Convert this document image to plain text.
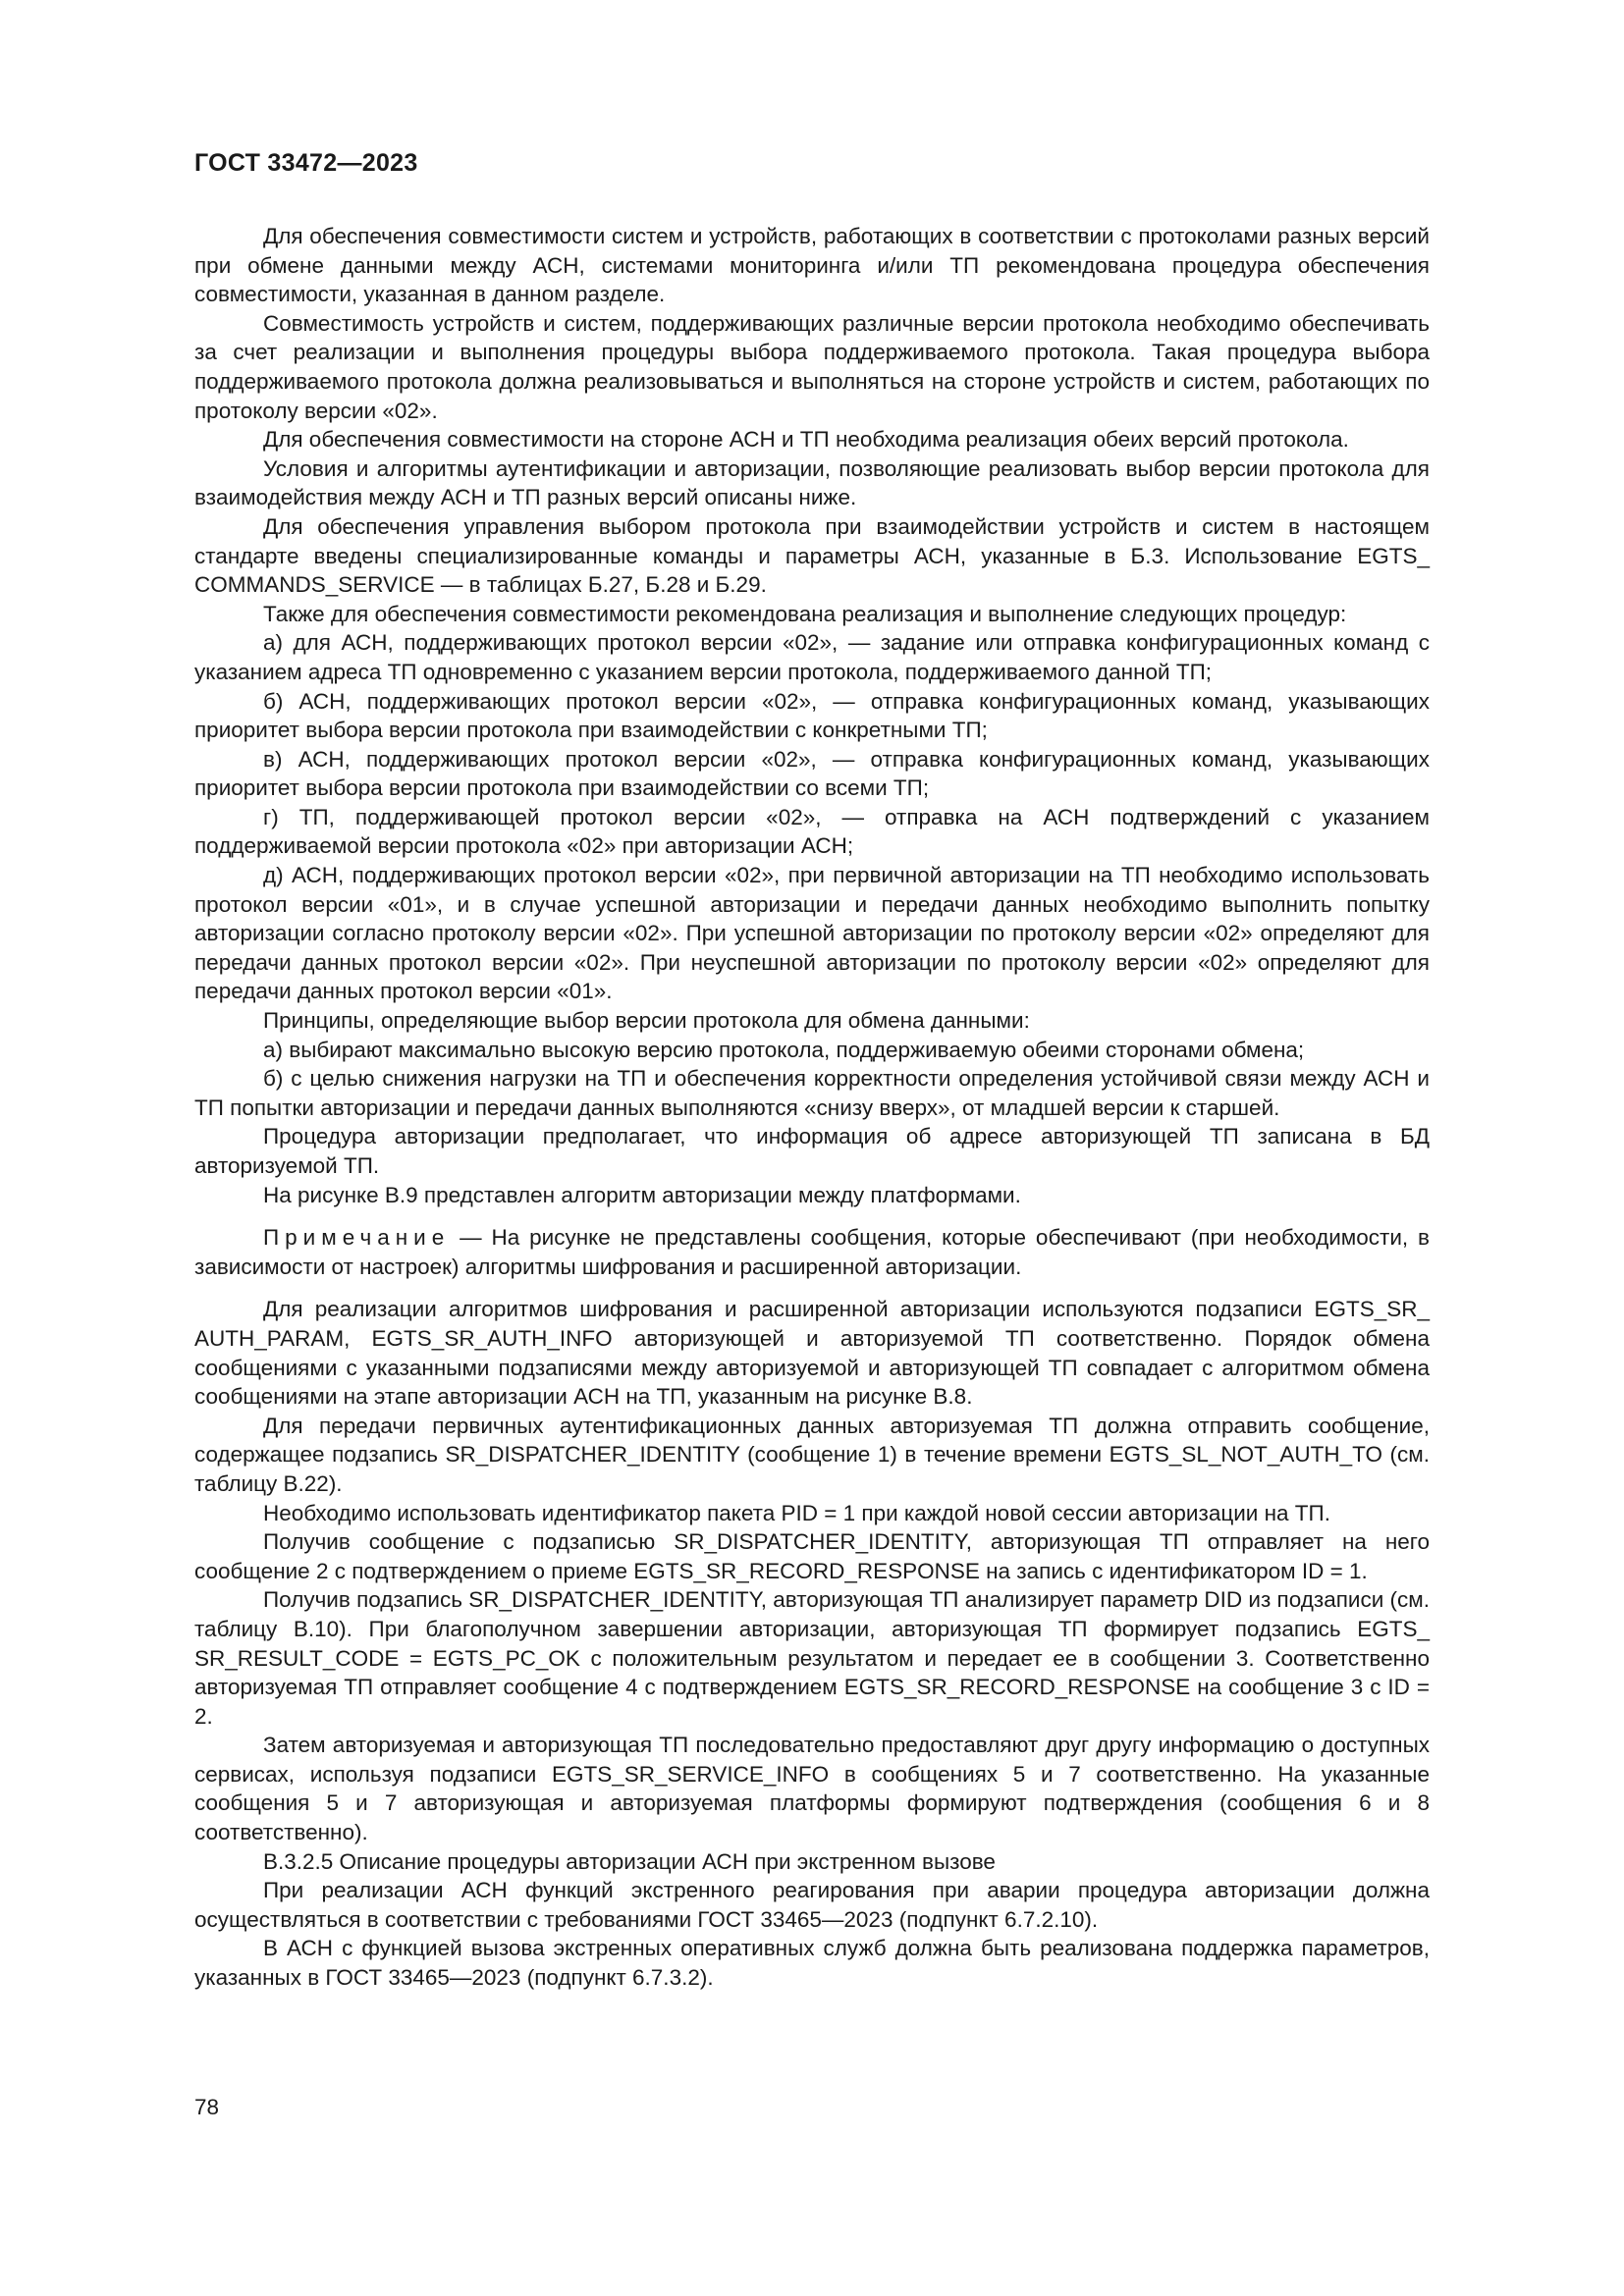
ГОСТ 33472—2023

Для обеспечения совместимости систем и устройств, работающих в соответствии с протоколами разных версий при обмене данными между АСН, системами мониторинга и/или ТП рекомендована процедура обеспечения совместимости, указанная в данном разделе.

Совместимость устройств и систем, поддерживающих различные версии протокола необходимо обеспечивать за счет реализации и выполнения процедуры выбора поддерживаемого протокола. Такая процедура выбора поддерживаемого протокола должна реализовываться и выполняться на стороне устройств и систем, работающих по протоколу версии «02».

Для обеспечения совместимости на стороне АСН и ТП необходима реализация обеих версий протокола.

Условия и алгоритмы аутентификации и авторизации, позволяющие реализовать выбор версии протокола для взаимодействия между АСН и ТП разных версий описаны ниже.

Для обеспечения управления выбором протокола при взаимодействии устройств и систем в настоящем стандарте введены специализированные команды и параметры АСН, указанные в Б.3. Использование EGTS_ COMMANDS_SERVICE — в таблицах Б.27, Б.28 и Б.29.

Также для обеспечения совместимости рекомендована реализация и выполнение следующих процедур:

а) для АСН, поддерживающих протокол версии «02», — задание или отправка конфигурационных команд с указанием адреса ТП одновременно с указанием версии протокола, поддерживаемого данной ТП;

б) АСН, поддерживающих протокол версии «02», — отправка конфигурационных команд, указывающих приоритет выбора версии протокола при взаимодействии с конкретными ТП;

в) АСН, поддерживающих протокол версии «02», — отправка конфигурационных команд, указывающих приоритет выбора версии протокола при взаимодействии со всеми ТП;

г) ТП, поддерживающей протокол версии «02», — отправка на АСН подтверждений с указанием поддерживаемой версии протокола «02» при авторизации АСН;

д) АСН, поддерживающих протокол версии «02», при первичной авторизации на ТП необходимо использовать протокол версии «01», и в случае успешной авторизации и передачи данных необходимо выполнить попытку авторизации согласно протоколу версии «02». При успешной авторизации по протоколу версии «02» определяют для передачи данных протокол версии «02». При неуспешной авторизации по протоколу версии «02» определяют для передачи данных протокол версии «01».

Принципы, определяющие выбор версии протокола для обмена данными:

а) выбирают максимально высокую версию протокола, поддерживаемую обеими сторонами обмена;

б) с целью снижения нагрузки на ТП и обеспечения корректности определения устойчивой связи между АСН и ТП попытки авторизации и передачи данных выполняются «снизу вверх», от младшей версии к старшей.

Процедура авторизации предполагает, что информация об адресе авторизующей ТП записана в БД авторизуемой ТП.

На рисунке В.9 представлен алгоритм авторизации между платформами.

Примечание — На рисунке не представлены сообщения, которые обеспечивают (при необходимости, в зависимости от настроек) алгоритмы шифрования и расширенной авторизации.

Для реализации алгоритмов шифрования и расширенной авторизации используются подзаписи EGTS_SR_ AUTH_PARAM, EGTS_SR_AUTH_INFO авторизующей и авторизуемой ТП соответственно. Порядок обмена сообщениями с указанными подзаписями между авторизуемой и авторизующей ТП совпадает с алгоритмом обмена сообщениями на этапе авторизации АСН на ТП, указанным на рисунке В.8.

Для передачи первичных аутентификационных данных авторизуемая ТП должна отправить сообщение, содержащее подзапись SR_DISPATCHER_IDENTITY (сообщение 1) в течение времени EGTS_SL_NOT_AUTH_TO (см. таблицу В.22).

Необходимо использовать идентификатор пакета PID = 1 при каждой новой сессии авторизации на ТП.

Получив сообщение с подзаписью SR_DISPATCHER_IDENTITY, авторизующая ТП отправляет на него сообщение 2 с подтверждением о приеме EGTS_SR_RECORD_RESPONSE на запись с идентификатором ID = 1.

Получив подзапись SR_DISPATCHER_IDENTITY, авторизующая ТП анализирует параметр DID из подзаписи (см. таблицу В.10). При благополучном завершении авторизации, авторизующая ТП формирует подзапись EGTS_ SR_RESULT_CODE = EGTS_PC_OK с положительным результатом и передает ее в сообщении 3. Соответственно авторизуемая ТП отправляет сообщение 4 с подтверждением EGTS_SR_RECORD_RESPONSE на сообщение 3 с ID = 2.

Затем авторизуемая и авторизующая ТП последовательно предоставляют друг другу информацию о доступных сервисах, используя подзаписи EGTS_SR_SERVICE_INFO в сообщениях 5 и 7 соответственно. На указанные сообщения 5 и 7 авторизующая и авторизуемая платформы формируют подтверждения (сообщения 6 и 8 соответственно).

В.3.2.5 Описание процедуры авторизации АСН при экстренном вызове

При реализации АСН функций экстренного реагирования при аварии процедура авторизации должна осуществляться в соответствии с требованиями ГОСТ 33465—2023 (подпункт 6.7.2.10).

В АСН с функцией вызова экстренных оперативных служб должна быть реализована поддержка параметров, указанных в ГОСТ 33465—2023 (подпункт 6.7.3.2).

78
